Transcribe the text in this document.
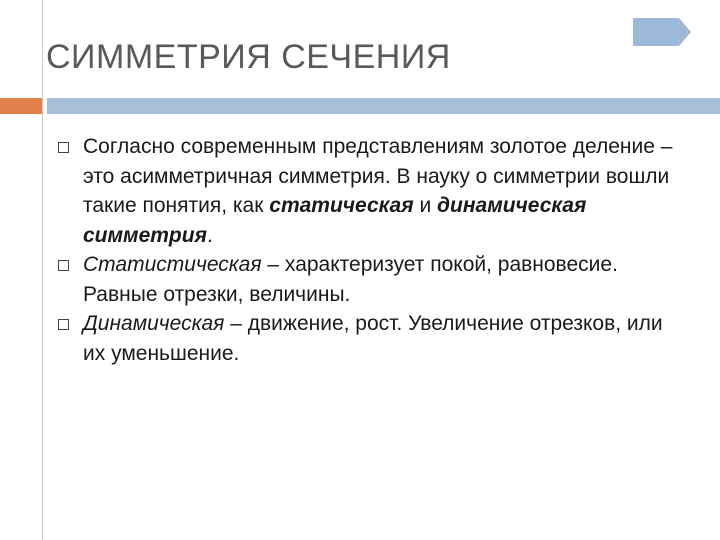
СИММЕТРИЯ СЕЧЕНИЯ
Согласно современным представлениям золотое деление – это асимметричная симметрия. В науку о симметрии вошли такие понятия, как статическая и динамическая симметрия.
Статистическая – характеризует покой, равновесие. Равные отрезки, величины.
Динамическая – движение, рост. Увеличение отрезков, или их уменьшение.
